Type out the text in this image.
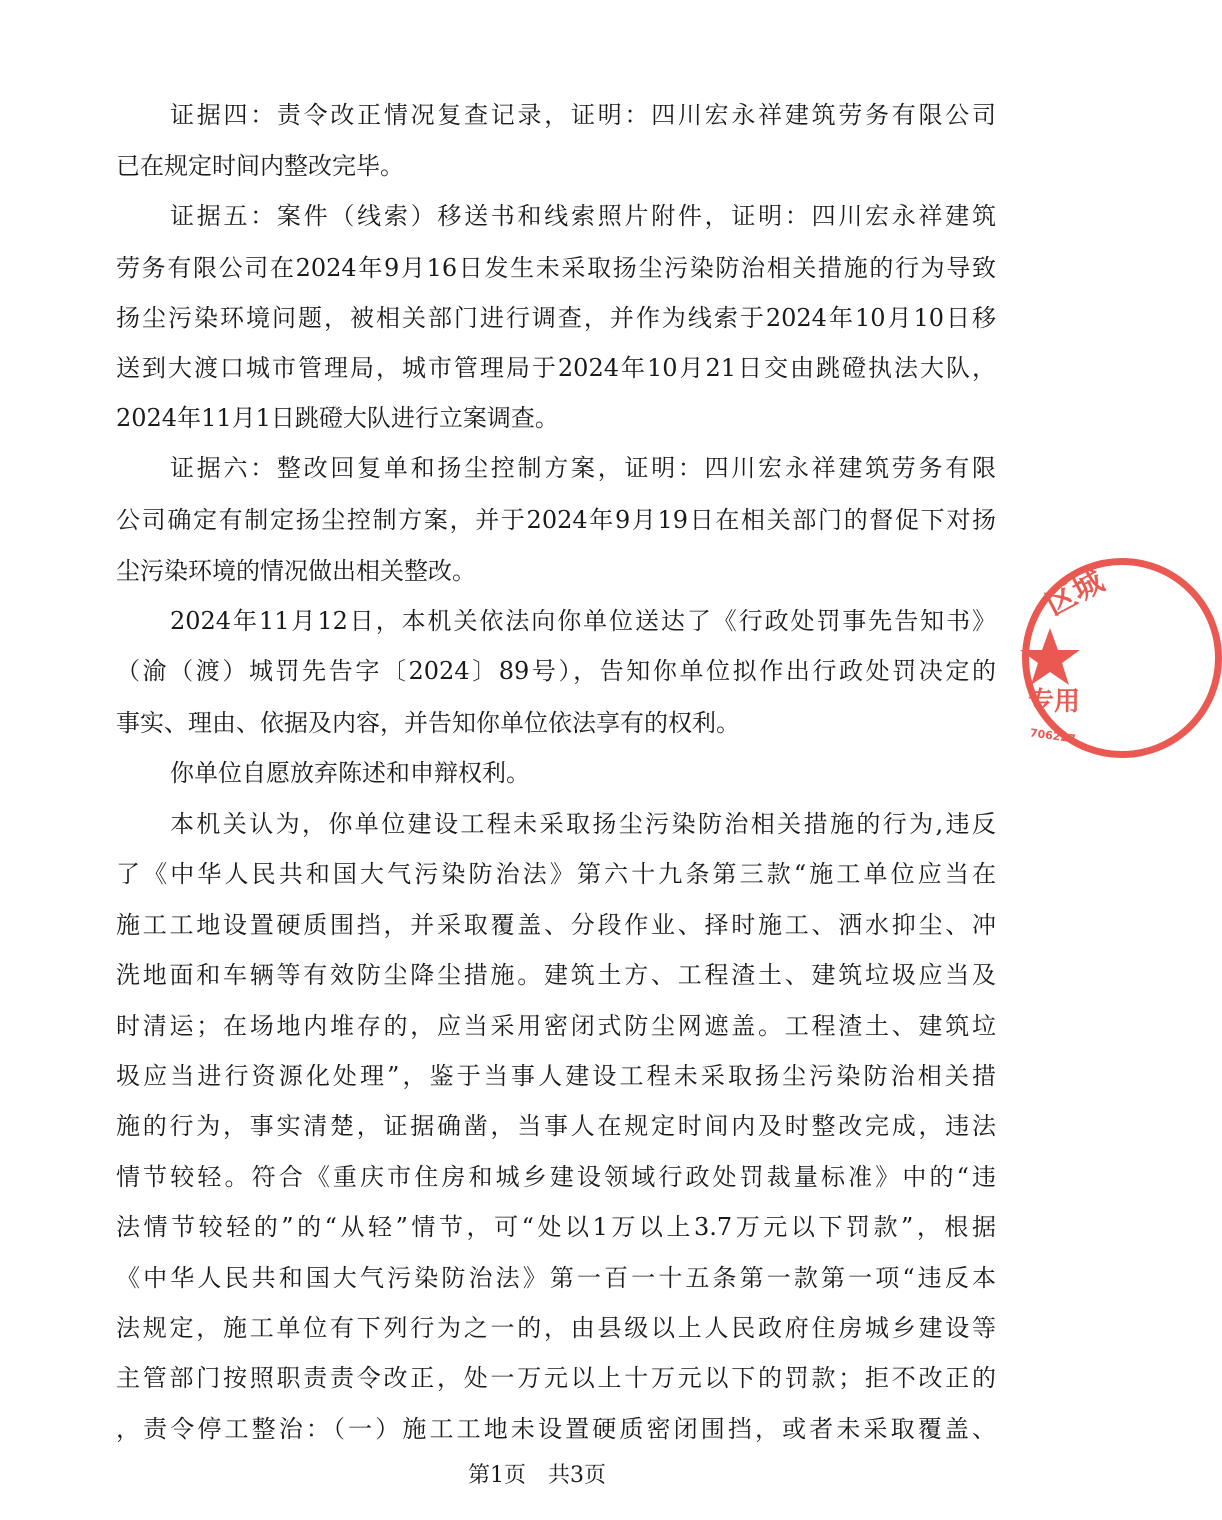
证据四：责令改正情况复查记录，证明：四川宏永祥建筑劳务有限公司
已在规定时间内整改完毕。
证据五：案件（线索）移送书和线索照片附件，证明：四川宏永祥建筑
劳务有限公司在2024年9月16日发生未采取扬尘污染防治相关措施的行为导致
扬尘污染环境问题，被相关部门进行调查，并作为线索于2024年10月10日移
送到大渡口城市管理局，城市管理局于2024年10月21日交由跳磴执法大队，
2024年11月1日跳磴大队进行立案调查。
证据六：整改回复单和扬尘控制方案，证明：四川宏永祥建筑劳务有限
公司确定有制定扬尘控制方案，并于2024年9月19日在相关部门的督促下对扬
尘污染环境的情况做出相关整改。
2024年11月12日，本机关依法向你单位送达了《行政处罚事先告知书》
（渝（渡）城罚先告字〔2024〕89号），告知你单位拟作出行政处罚决定的
事实、理由、依据及内容，并告知你单位依法享有的权利。
你单位自愿放弃陈述和申辩权利。
本机关认为，你单位建设工程未采取扬尘污染防治相关措施的行为,违反
了《中华人民共和国大气污染防治法》第六十九条第三款“施工单位应当在
施工工地设置硬质围挡，并采取覆盖、分段作业、择时施工、洒水抑尘、冲
洗地面和车辆等有效防尘降尘措施。建筑土方、工程渣土、建筑垃圾应当及
时清运；在场地内堆存的，应当采用密闭式防尘网遮盖。工程渣土、建筑垃
圾应当进行资源化处理”，鉴于当事人建设工程未采取扬尘污染防治相关措
施的行为，事实清楚，证据确凿，当事人在规定时间内及时整改完成，违法
情节较轻。符合《重庆市住房和城乡建设领域行政处罚裁量标准》中的“违
法情节较轻的”的“从轻”情节，可“处以1万以上3.7万元以下罚款”，根据
《中华人民共和国大气污染防治法》第一百一十五条第一款第一项“违反本
法规定，施工单位有下列行为之一的，由县级以上人民政府住房城乡建设等
主管部门按照职责责令改正，处一万元以上十万元以下的罚款；拒不改正的
，责令停工整治：（一）施工工地未设置硬质密闭围挡，或者未采取覆盖、
第1页　共3页
区城
专用
706227
